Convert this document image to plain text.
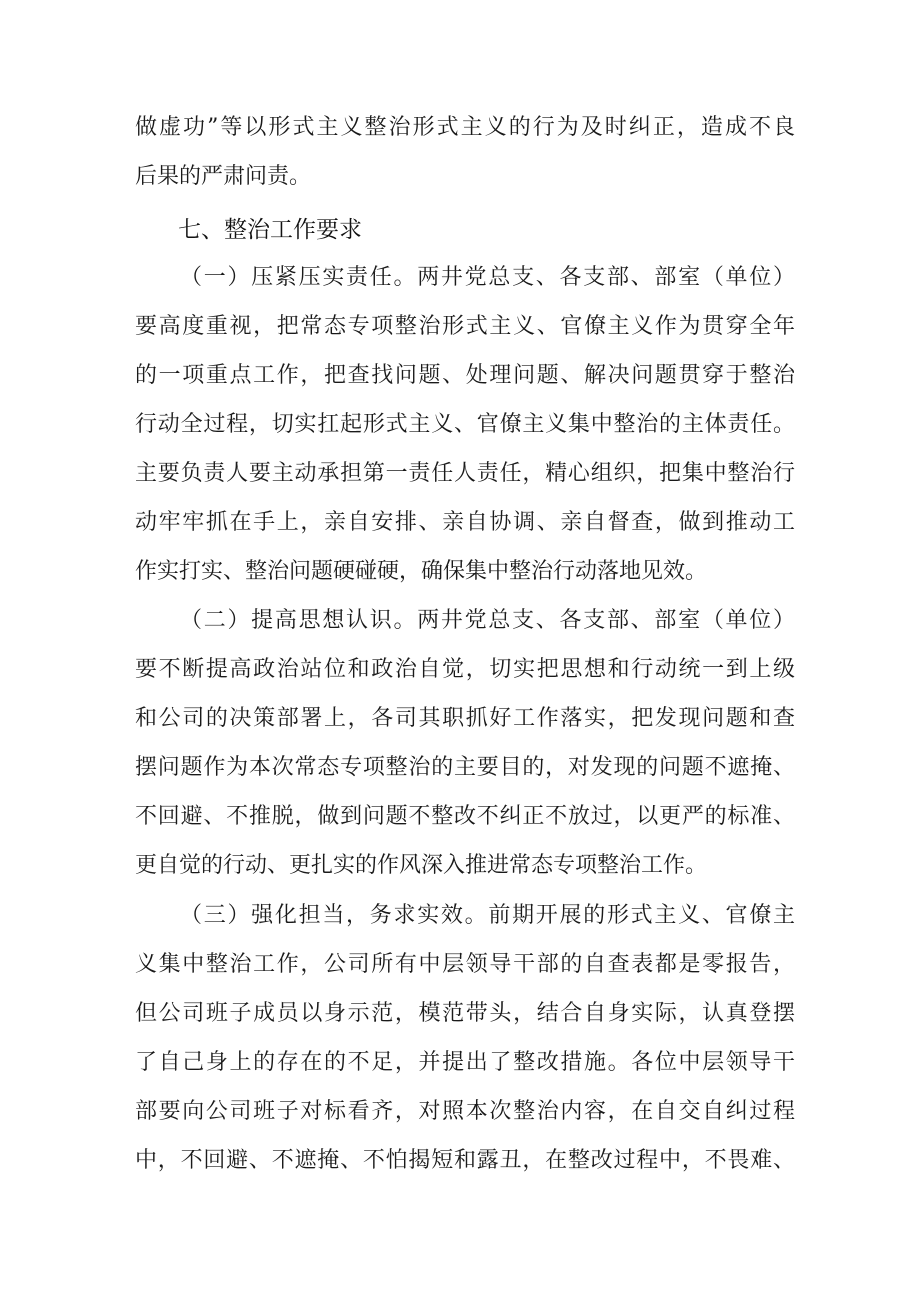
做虚功”等以形式主义整治形式主义的行为及时纠正，造成不良
后果的严肃问责。
七、整治工作要求
（一）压紧压实责任。两井党总支、各支部、部室（单位）
要高度重视，把常态专项整治形式主义、官僚主义作为贯穿全年
的一项重点工作，把查找问题、处理问题、解决问题贯穿于整治
行动全过程，切实扛起形式主义、官僚主义集中整治的主体责任。
主要负责人要主动承担第一责任人责任，精心组织，把集中整治行
动牢牢抓在手上，亲自安排、亲自协调、亲自督查，做到推动工
作实打实、整治问题硬碰硬，确保集中整治行动落地见效。
（二）提高思想认识。两井党总支、各支部、部室（单位）
要不断提高政治站位和政治自觉，切实把思想和行动统一到上级
和公司的决策部署上，各司其职抓好工作落实，把发现问题和查
摆问题作为本次常态专项整治的主要目的，对发现的问题不遮掩、
不回避、不推脱，做到问题不整改不纠正不放过，以更严的标准、
更自觉的行动、更扎实的作风深入推进常态专项整治工作。
（三）强化担当，务求实效。前期开展的形式主义、官僚主
义集中整治工作，公司所有中层领导干部的自查表都是零报告，
但公司班子成员以身示范，模范带头，结合自身实际，认真登摆
了自己身上的存在的不足，并提出了整改措施。各位中层领导干
部要向公司班子对标看齐，对照本次整治内容，在自交自纠过程
中，不回避、不遮掩、不怕揭短和露丑，在整改过程中，不畏难、
